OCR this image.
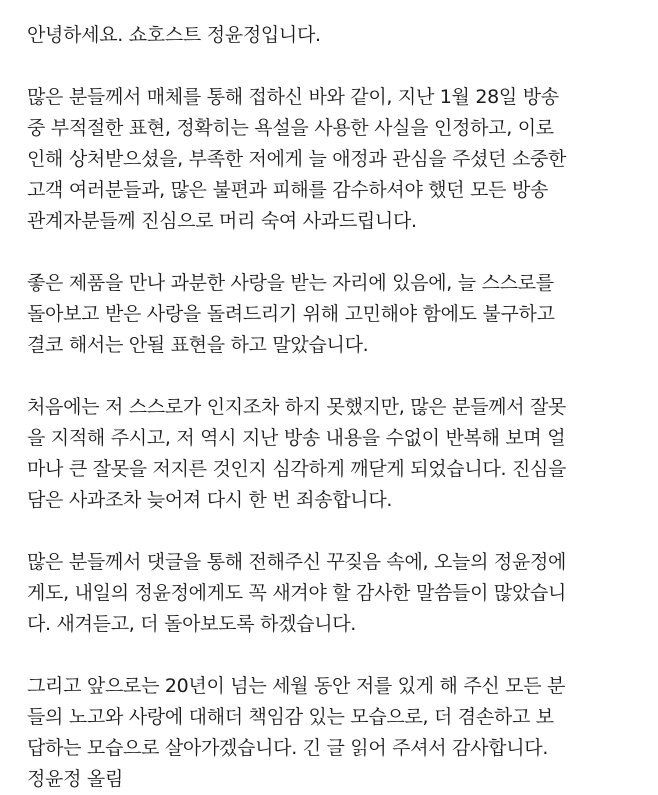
안녕하세요. 쇼호스트 정윤정입니다.
많은 분들께서 매체를 통해 접하신 바와 같이, 지난 1월 28일 방송
중 부적절한 표현, 정확히는 욕설을 사용한 사실을 인정하고, 이로
인해 상처받으셨을, 부족한 저에게 늘 애정과 관심을 주셨던 소중한
고객 여러분들과, 많은 불편과 피해를 감수하셔야 했던 모든 방송
관계자분들께 진심으로 머리 숙여 사과드립니다.
좋은 제품을 만나 과분한 사랑을 받는 자리에 있음에, 늘 스스로를
돌아보고 받은 사랑을 돌려드리기 위해 고민해야 함에도 불구하고
결코 해서는 안될 표현을 하고 말았습니다.
처음에는 저 스스로가 인지조차 하지 못했지만, 많은 분들께서 잘못
을 지적해 주시고, 저 역시 지난 방송 내용을 수없이 반복해 보며 얼
마나 큰 잘못을 저지른 것인지 심각하게 깨닫게 되었습니다. 진심을
담은 사과조차 늦어져 다시 한 번 죄송합니다.
많은 분들께서 댓글을 통해 전해주신 꾸짖음 속에, 오늘의 정윤정에
게도, 내일의 정윤정에게도 꼭 새겨야 할 감사한 말씀들이 많았습니
다. 새겨듣고, 더 돌아보도록 하겠습니다.
그리고 앞으로는 20년이 넘는 세월 동안 저를 있게 해 주신 모든 분
들의 노고와 사랑에 대해더 책임감 있는 모습으로, 더 겸손하고 보
답하는 모습으로 살아가겠습니다. 긴 글 읽어 주셔서 감사합니다.
정윤정 올림
